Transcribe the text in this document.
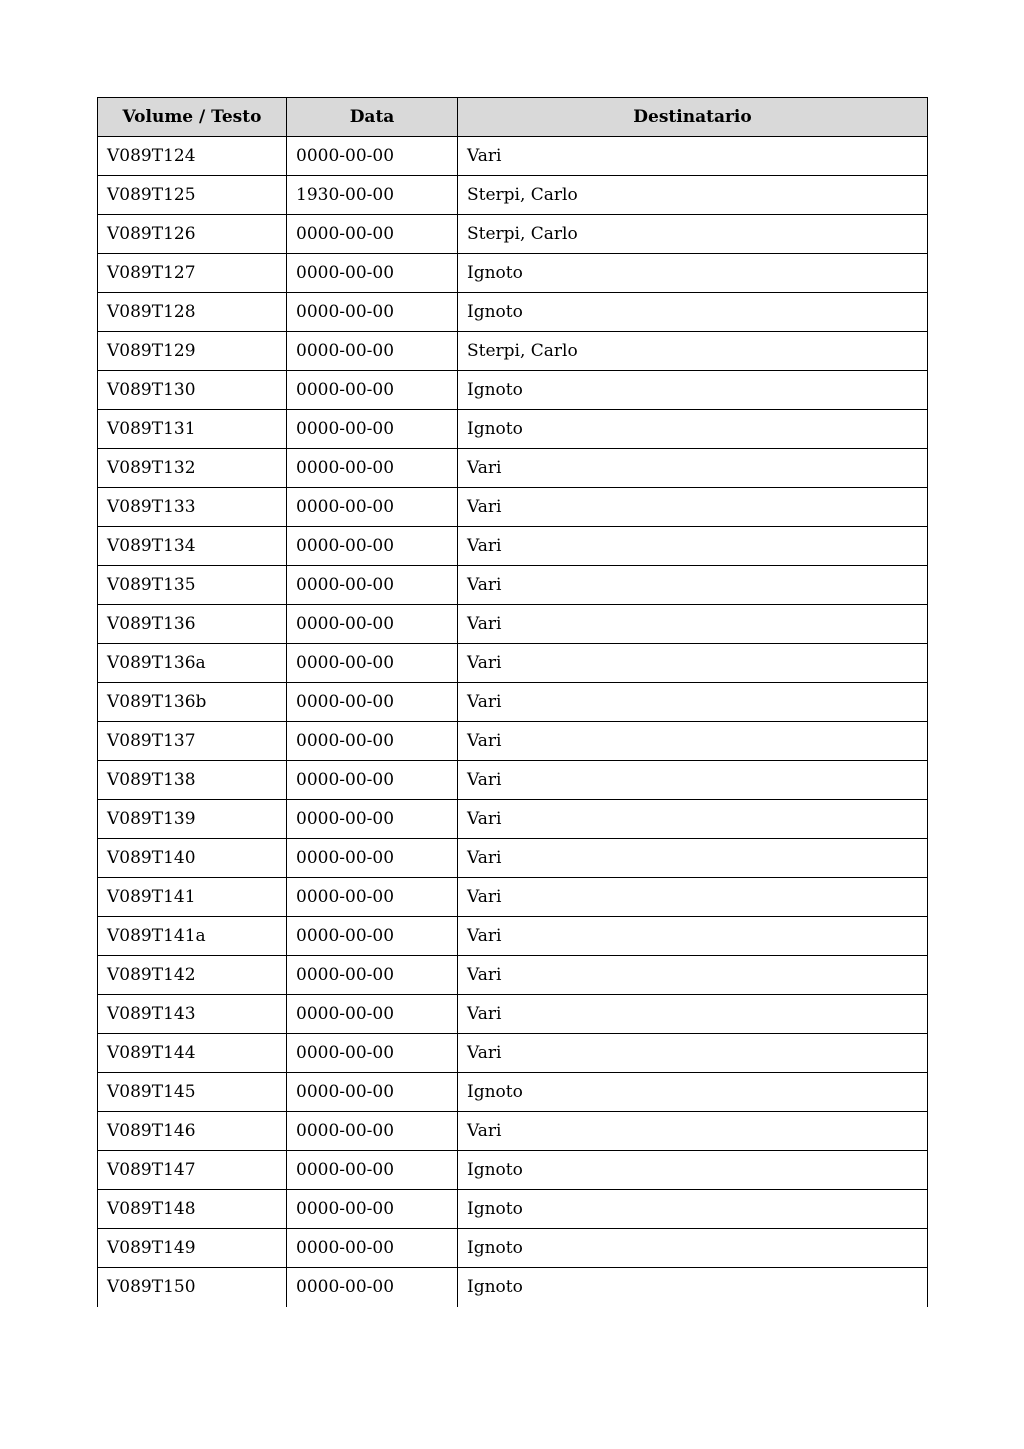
Volume / Testo	Data	Destinatario
V089T124	0000-00-00	Vari
V089T125	1930-00-00	Sterpi, Carlo
V089T126	0000-00-00	Sterpi, Carlo
V089T127	0000-00-00	Ignoto
V089T128	0000-00-00	Ignoto
V089T129	0000-00-00	Sterpi, Carlo
V089T130	0000-00-00	Ignoto
V089T131	0000-00-00	Ignoto
V089T132	0000-00-00	Vari
V089T133	0000-00-00	Vari
V089T134	0000-00-00	Vari
V089T135	0000-00-00	Vari
V089T136	0000-00-00	Vari
V089T136a	0000-00-00	Vari
V089T136b	0000-00-00	Vari
V089T137	0000-00-00	Vari
V089T138	0000-00-00	Vari
V089T139	0000-00-00	Vari
V089T140	0000-00-00	Vari
V089T141	0000-00-00	Vari
V089T141a	0000-00-00	Vari
V089T142	0000-00-00	Vari
V089T143	0000-00-00	Vari
V089T144	0000-00-00	Vari
V089T145	0000-00-00	Ignoto
V089T146	0000-00-00	Vari
V089T147	0000-00-00	Ignoto
V089T148	0000-00-00	Ignoto
V089T149	0000-00-00	Ignoto
V089T150	0000-00-00	Ignoto
